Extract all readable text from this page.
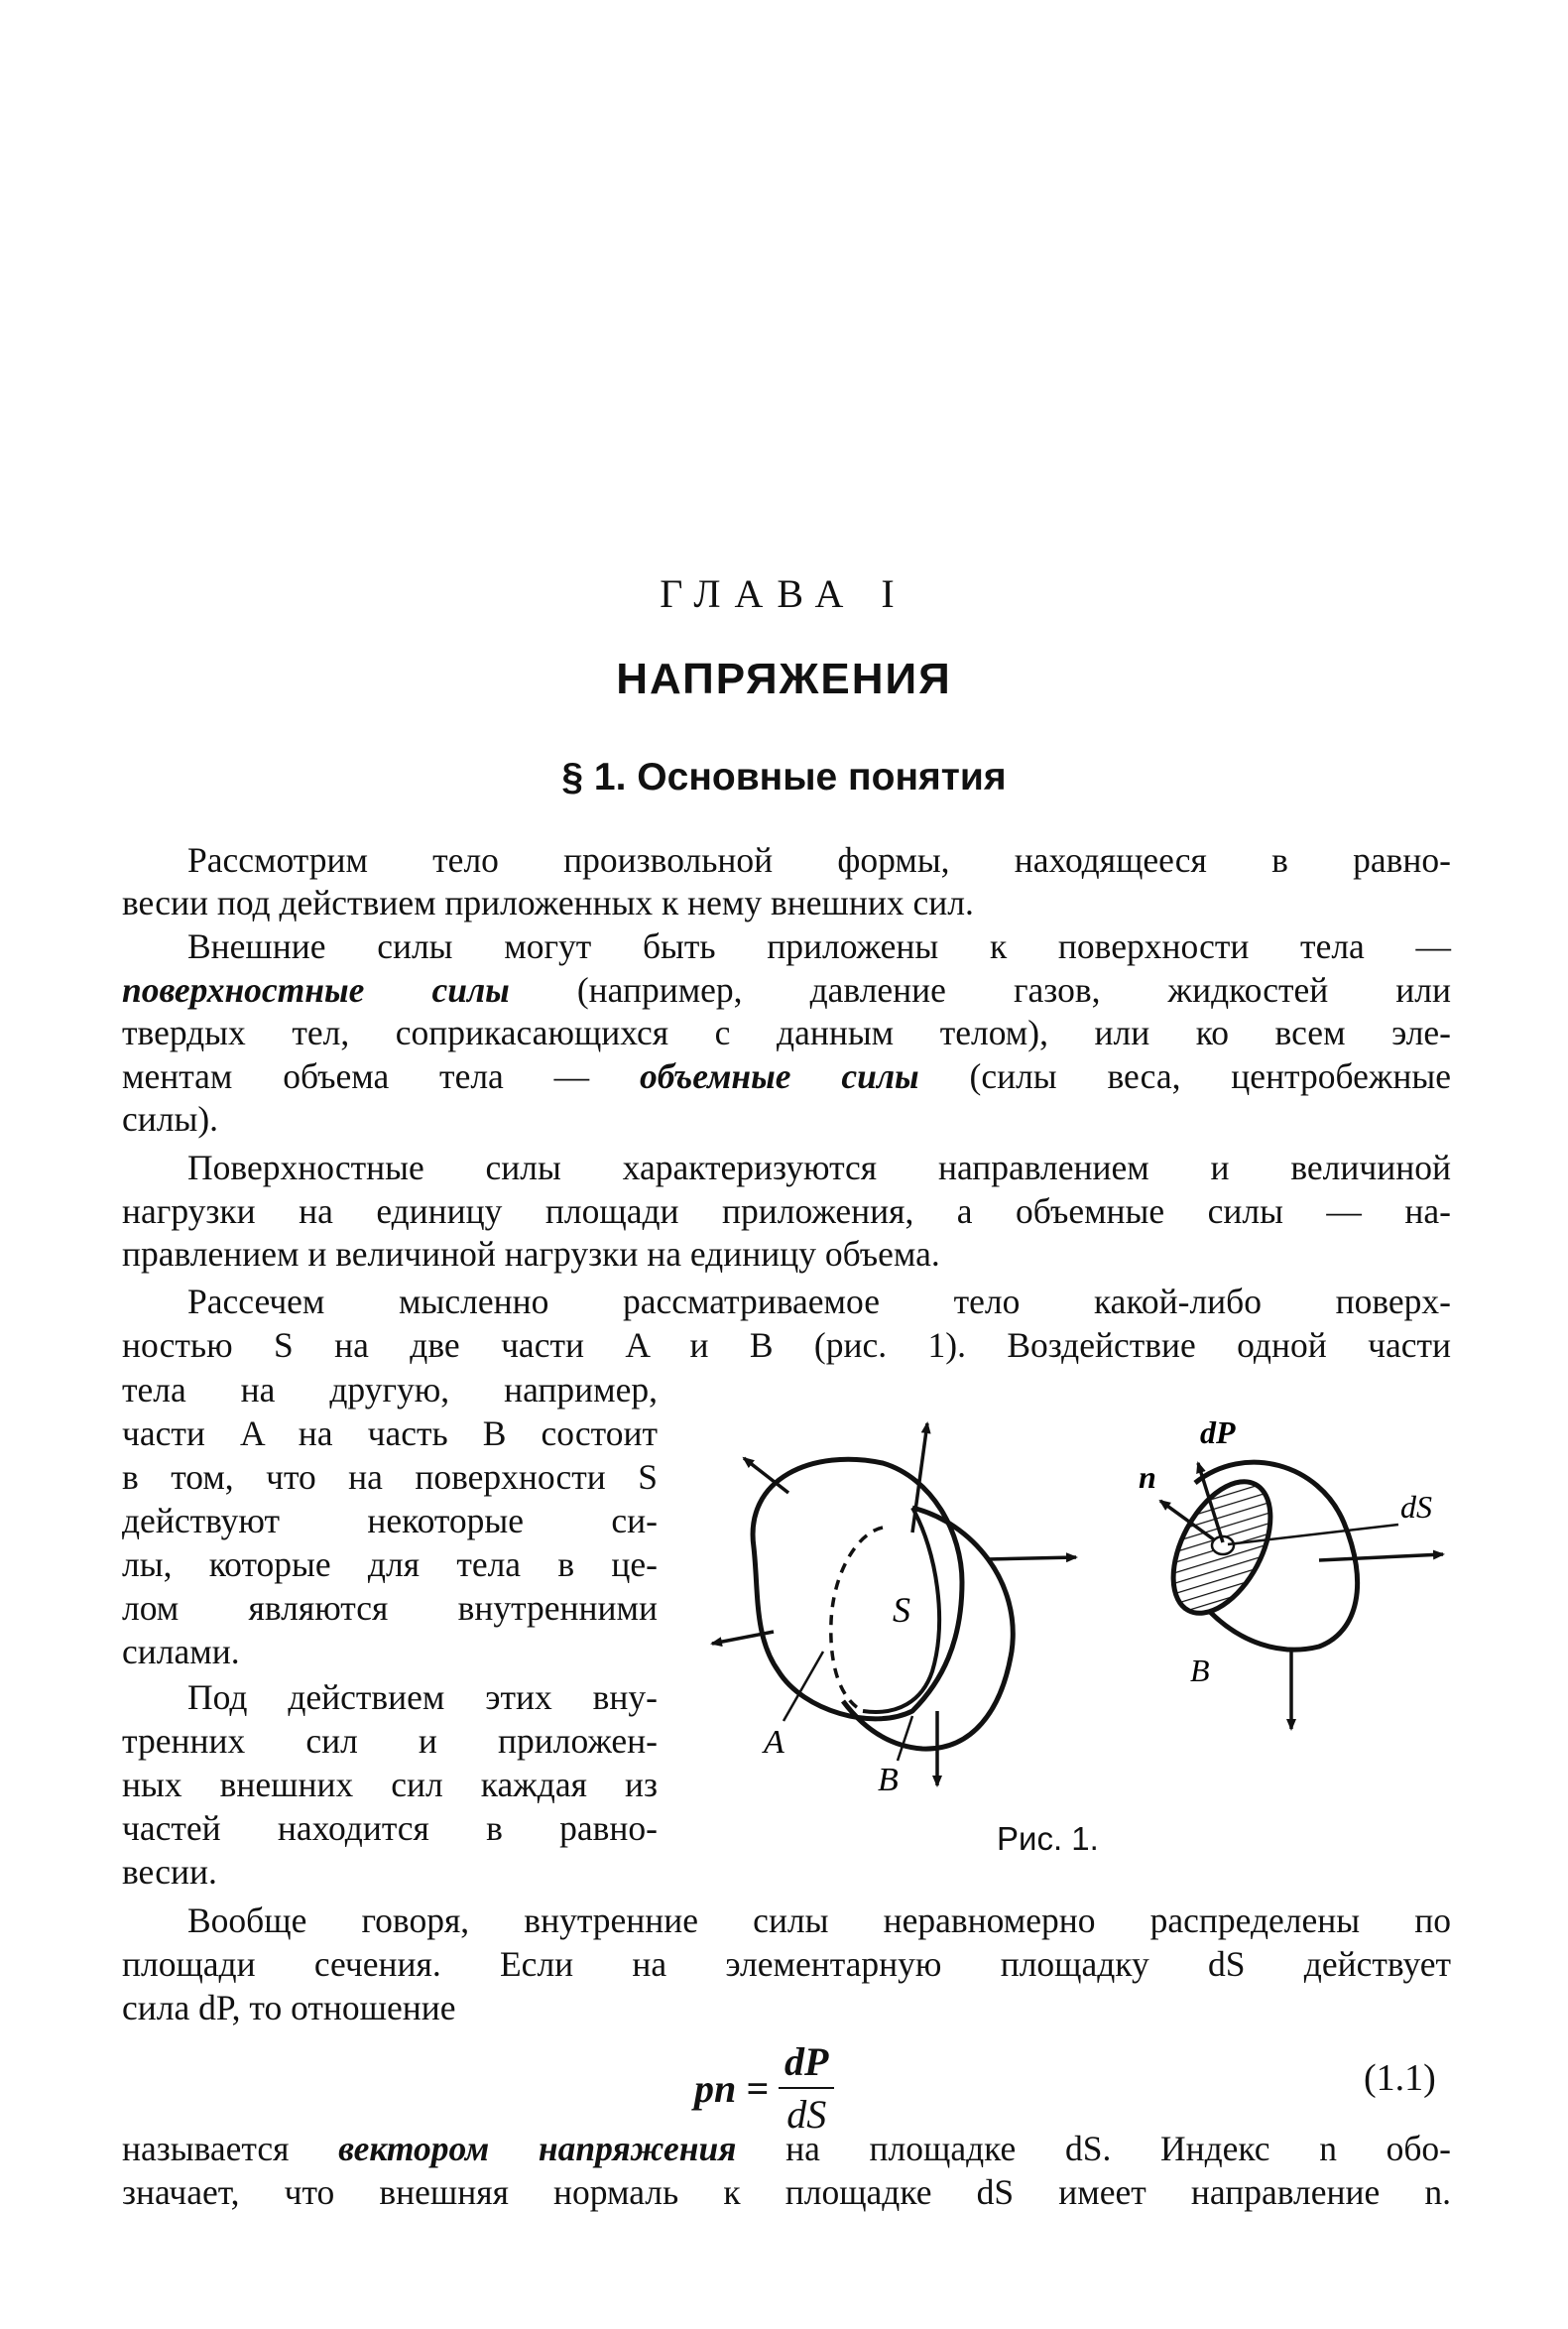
ГЛАВА I
НАПРЯЖЕНИЯ
§ 1. Основные понятия
Рассмотрим тело произвольной формы, находящееся в равно-
весии под действием приложенных к нему внешних сил.
Внешние силы могут быть приложены к поверхности тела —
поверхностные силы (например, давление газов, жидкостей или
твердых тел, соприкасающихся с данным телом), или ко всем эле-
ментам объема тела — объемные силы (силы веса, центробежные
силы).
Поверхностные силы характеризуются направлением и величиной
нагрузки на единицу площади приложения, а объемные силы — на-
правлением и величиной нагрузки на единицу объема.
Рассечем мысленно рассматриваемое тело какой-либо поверх-
ностью S на две части A и B (рис. 1). Воздействие одной части
тела на другую, например,
части A на часть B состоит
в том, что на поверхности S
действуют некоторые си-
лы, которые для тела в це-
лом являются внутренними
силами.
Под действием этих вну-
тренних сил и приложен-
ных внешних сил каждая из
частей находится в равно-
весии.
S
A
B
n
dP
dS
B
Рис. 1.
Вообще говоря, внутренние силы неравномерно распределены по
площади сечения. Если на элементарную площадку dS действует
сила dP, то отношение
pn = $\frac{dP}{dS}$	(1.1)
называется вектором напряжения на площадке dS. Индекс n обо-
значает, что внешняя нормаль к площадке dS имеет направление n.
